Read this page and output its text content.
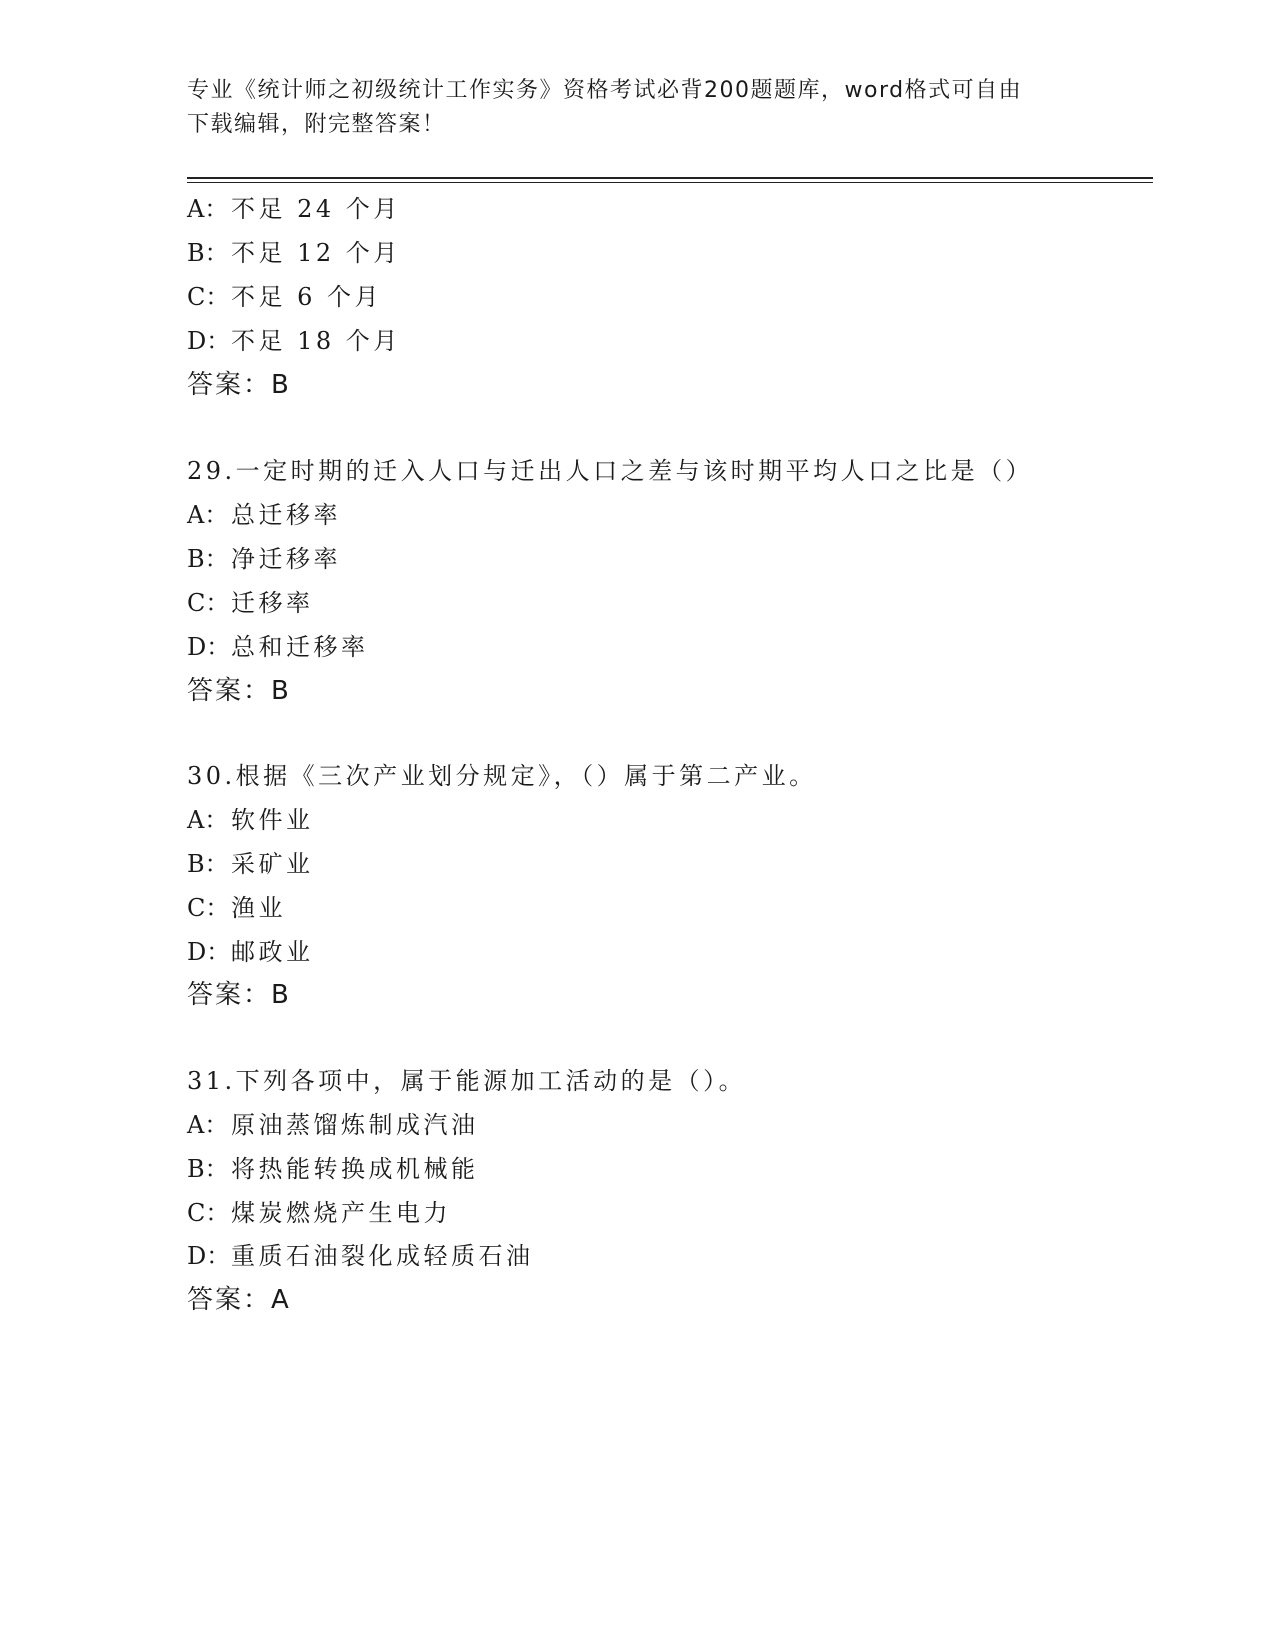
专业《统计师之初级统计工作实务》资格考试必背200题题库，word格式可自由
下载编辑，附完整答案！
A： 不足 24 个月
B：不足 12 个月
C：不足 6 个月
D：不足 18 个月
答案：B
29.一定时期的迁入人口与迁出人口之差与该时期平均人口之比是（）
A： 总迁移率
B：净迁移率
C：迁移率
D：总和迁移率
答案：B
30.根据《三次产业划分规定》，（）属于第二产业。
A： 软件业
B：采矿业
C：渔业
D：邮政业
答案：B
31.下列各项中，属于能源加工活动的是（）。
A： 原油蒸馏炼制成汽油
B：将热能转换成机械能
C：煤炭燃烧产生电力
D：重质石油裂化成轻质石油
答案：A
